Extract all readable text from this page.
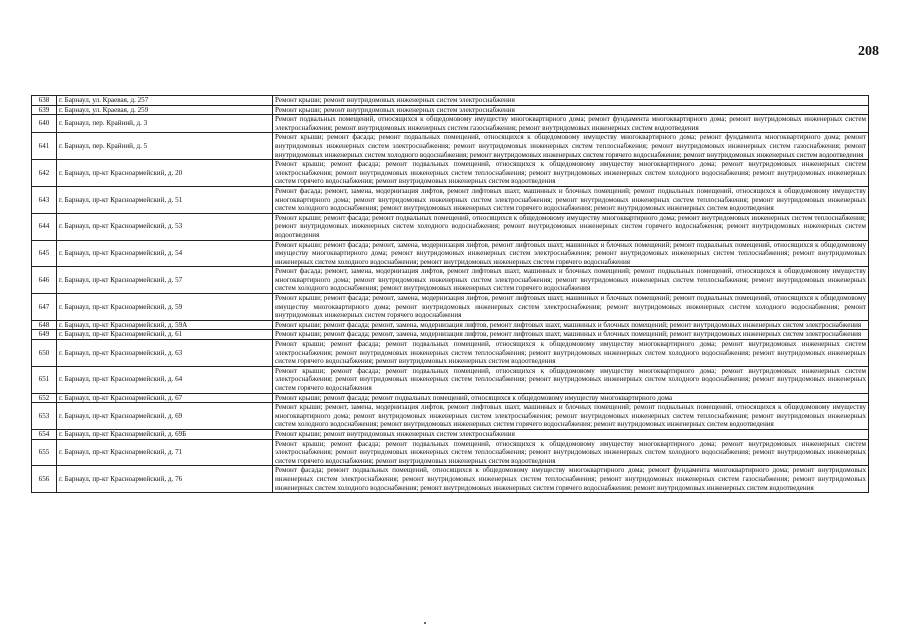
208
638	г. Барнаул, ул. Краевая, д. 257	Ремонт крыши; ремонт внутридомовых инженерных систем электроснабжения
639	г. Барнаул, ул. Краевая, д. 259	Ремонт крыши; ремонт внутридомовых инженерных систем электроснабжения
640	г. Барнаул, пер. Крайний, д. 3	Ремонт подвальных помещений, относящихся к общедомовому имуществу многоквартирного дома; ремонт фундамента многоквартирного дома; ремонт внутридомовых инженерных систем электроснабжения; ремонт внутридомовых инженерных систем газоснабжения; ремонт внутридомовых инженерных систем водоотведения
641	г. Барнаул, пер. Крайний, д. 5	Ремонт крыши; ремонт фасада; ремонт подвальных помещений, относящихся к общедомовому имуществу многоквартирного дома; ремонт фундамента многоквартирного дома; ремонт внутридомовых инженерных систем электроснабжения; ремонт внутридомовых инженерных систем теплоснабжения; ремонт внутридомовых инженерных систем газоснабжения; ремонт внутридомовых инженерных систем холодного водоснабжения; ремонт внутридомовых инженерных систем горячего водоснабжения; ремонт внутридомовых инженерных систем водоотведения
642	г. Барнаул, пр-кт Красноармейский, д. 20	Ремонт крыши; ремонт фасада; ремонт подвальных помещений, относящихся к общедомовому имуществу многоквартирного дома; ремонт внутридомовых инженерных систем электроснабжения; ремонт внутридомовых инженерных систем теплоснабжения; ремонт внутридомовых инженерных систем холодного водоснабжения; ремонт внутридомовых инженерных систем горячего водоснабжения; ремонт внутридомовых инженерных систем водоотведения
643	г. Барнаул, пр-кт Красноармейский, д. 51	Ремонт фасада; ремонт, замена, модернизация лифтов, ремонт лифтовых шахт, машинных и блочных помещений; ремонт подвальных помещений, относящихся к общедомовому имуществу многоквартирного дома; ремонт внутридомовых инженерных систем электроснабжения; ремонт внутридомовых инженерных систем теплоснабжения; ремонт внутридомовых инженерных систем холодного водоснабжения; ремонт внутридомовых инженерных систем горячего водоснабжения; ремонт внутридомовых инженерных систем водоотведения
644	г. Барнаул, пр-кт Красноармейский, д. 53	Ремонт крыши; ремонт фасада; ремонт подвальных помещений, относящихся к общедомовому имуществу многоквартирного дома; ремонт внутридомовых инженерных систем теплоснабжения; ремонт внутридомовых инженерных систем холодного водоснабжения; ремонт внутридомовых инженерных систем горячего водоснабжения; ремонт внутридомовых инженерных систем водоотведения
645	г. Барнаул, пр-кт Красноармейский, д. 54	Ремонт крыши; ремонт фасада; ремонт, замена, модернизация лифтов, ремонт лифтовых шахт, машинных и блочных помещений; ремонт подвальных помещений, относящихся к общедомовому имуществу многоквартирного дома; ремонт внутридомовых инженерных систем электроснабжения; ремонт внутридомовых инженерных систем теплоснабжения; ремонт внутридомовых инженерных систем холодного водоснабжения; ремонт внутридомовых инженерных систем горячего водоснабжения
646	г. Барнаул, пр-кт Красноармейский, д. 57	Ремонт фасада; ремонт, замена, модернизация лифтов, ремонт лифтовых шахт, машинных и блочных помещений; ремонт подвальных помещений, относящихся к общедомовому имуществу многоквартирного дома; ремонт внутридомовых инженерных систем электроснабжения; ремонт внутридомовых инженерных систем теплоснабжения; ремонт внутридомовых инженерных систем холодного водоснабжения; ремонт внутридомовых инженерных систем горячего водоснабжения
647	г. Барнаул, пр-кт Красноармейский, д. 59	Ремонт крыши; ремонт фасада; ремонт, замена, модернизация лифтов, ремонт лифтовых шахт, машинных и блочных помещений; ремонт подвальных помещений, относящихся к общедомовому имуществу многоквартирного дома; ремонт внутридомовых инженерных систем электроснабжения; ремонт внутридомовых инженерных систем холодного водоснабжения; ремонт внутридомовых инженерных систем горячего водоснабжения
648	г. Барнаул, пр-кт Красноармейский, д. 59А	Ремонт крыши; ремонт фасада; ремонт, замена, модернизация лифтов, ремонт лифтовых шахт, машинных и блочных помещений; ремонт внутридомовых инженерных систем электроснабжения
649	г. Барнаул, пр-кт Красноармейский, д. 61	Ремонт крыши; ремонт фасада; ремонт, замена, модернизация лифтов, ремонт лифтовых шахт, машинных и блочных помещений; ремонт внутридомовых инженерных систем электроснабжения
650	г. Барнаул, пр-кт Красноармейский, д. 63	Ремонт крыши; ремонт фасада; ремонт подвальных помещений, относящихся к общедомовому имуществу многоквартирного дома; ремонт внутридомовых инженерных систем электроснабжения; ремонт внутридомовых инженерных систем теплоснабжения; ремонт внутридомовых инженерных систем холодного водоснабжения; ремонт внутридомовых инженерных систем горячего водоснабжения; ремонт внутридомовых инженерных систем водоотведения
651	г. Барнаул, пр-кт Красноармейский, д. 64	Ремонт крыши; ремонт фасада; ремонт подвальных помещений, относящихся к общедомовому имуществу многоквартирного дома; ремонт внутридомовых инженерных систем электроснабжения; ремонт внутридомовых инженерных систем теплоснабжения; ремонт внутридомовых инженерных систем холодного водоснабжения; ремонт внутридомовых инженерных систем горячего водоснабжения
652	г. Барнаул, пр-кт Красноармейский, д. 67	Ремонт крыши; ремонт фасада; ремонт подвальных помещений, относящихся к общедомовому имуществу многоквартирного дома
653	г. Барнаул, пр-кт Красноармейский, д. 69	Ремонт крыши; ремонт, замена, модернизация лифтов, ремонт лифтовых шахт, машинных и блочных помещений; ремонт подвальных помещений, относящихся к общедомовому имуществу многоквартирного дома; ремонт внутридомовых инженерных систем электроснабжения; ремонт внутридомовых инженерных систем теплоснабжения; ремонт внутридомовых инженерных систем холодного водоснабжения; ремонт внутридомовых инженерных систем горячего водоснабжения; ремонт внутридомовых инженерных систем водоотведения
654	г. Барнаул, пр-кт Красноармейский, д. 69Б	Ремонт крыши; ремонт внутридомовых инженерных систем электроснабжения
655	г. Барнаул, пр-кт Красноармейский, д. 71	Ремонт крыши; ремонт фасада; ремонт подвальных помещений, относящихся к общедомовому имуществу многоквартирного дома; ремонт внутридомовых инженерных систем электроснабжения; ремонт внутридомовых инженерных систем теплоснабжения; ремонт внутридомовых инженерных систем холодного водоснабжения; ремонт внутридомовых инженерных систем горячего водоснабжения; ремонт внутридомовых инженерных систем водоотведения
656	г. Барнаул, пр-кт Красноармейский, д. 76	Ремонт фасада; ремонт подвальных помещений, относящихся к общедомовому имуществу многоквартирного дома; ремонт фундамента многоквартирного дома; ремонт внутридомовых инженерных систем электроснабжения; ремонт внутридомовых инженерных систем теплоснабжения; ремонт внутридомовых инженерных систем газоснабжения; ремонт внутридомовых инженерных систем холодного водоснабжения; ремонт внутридомовых инженерных систем горячего водоснабжения; ремонт внутридомовых инженерных систем водоотведения
